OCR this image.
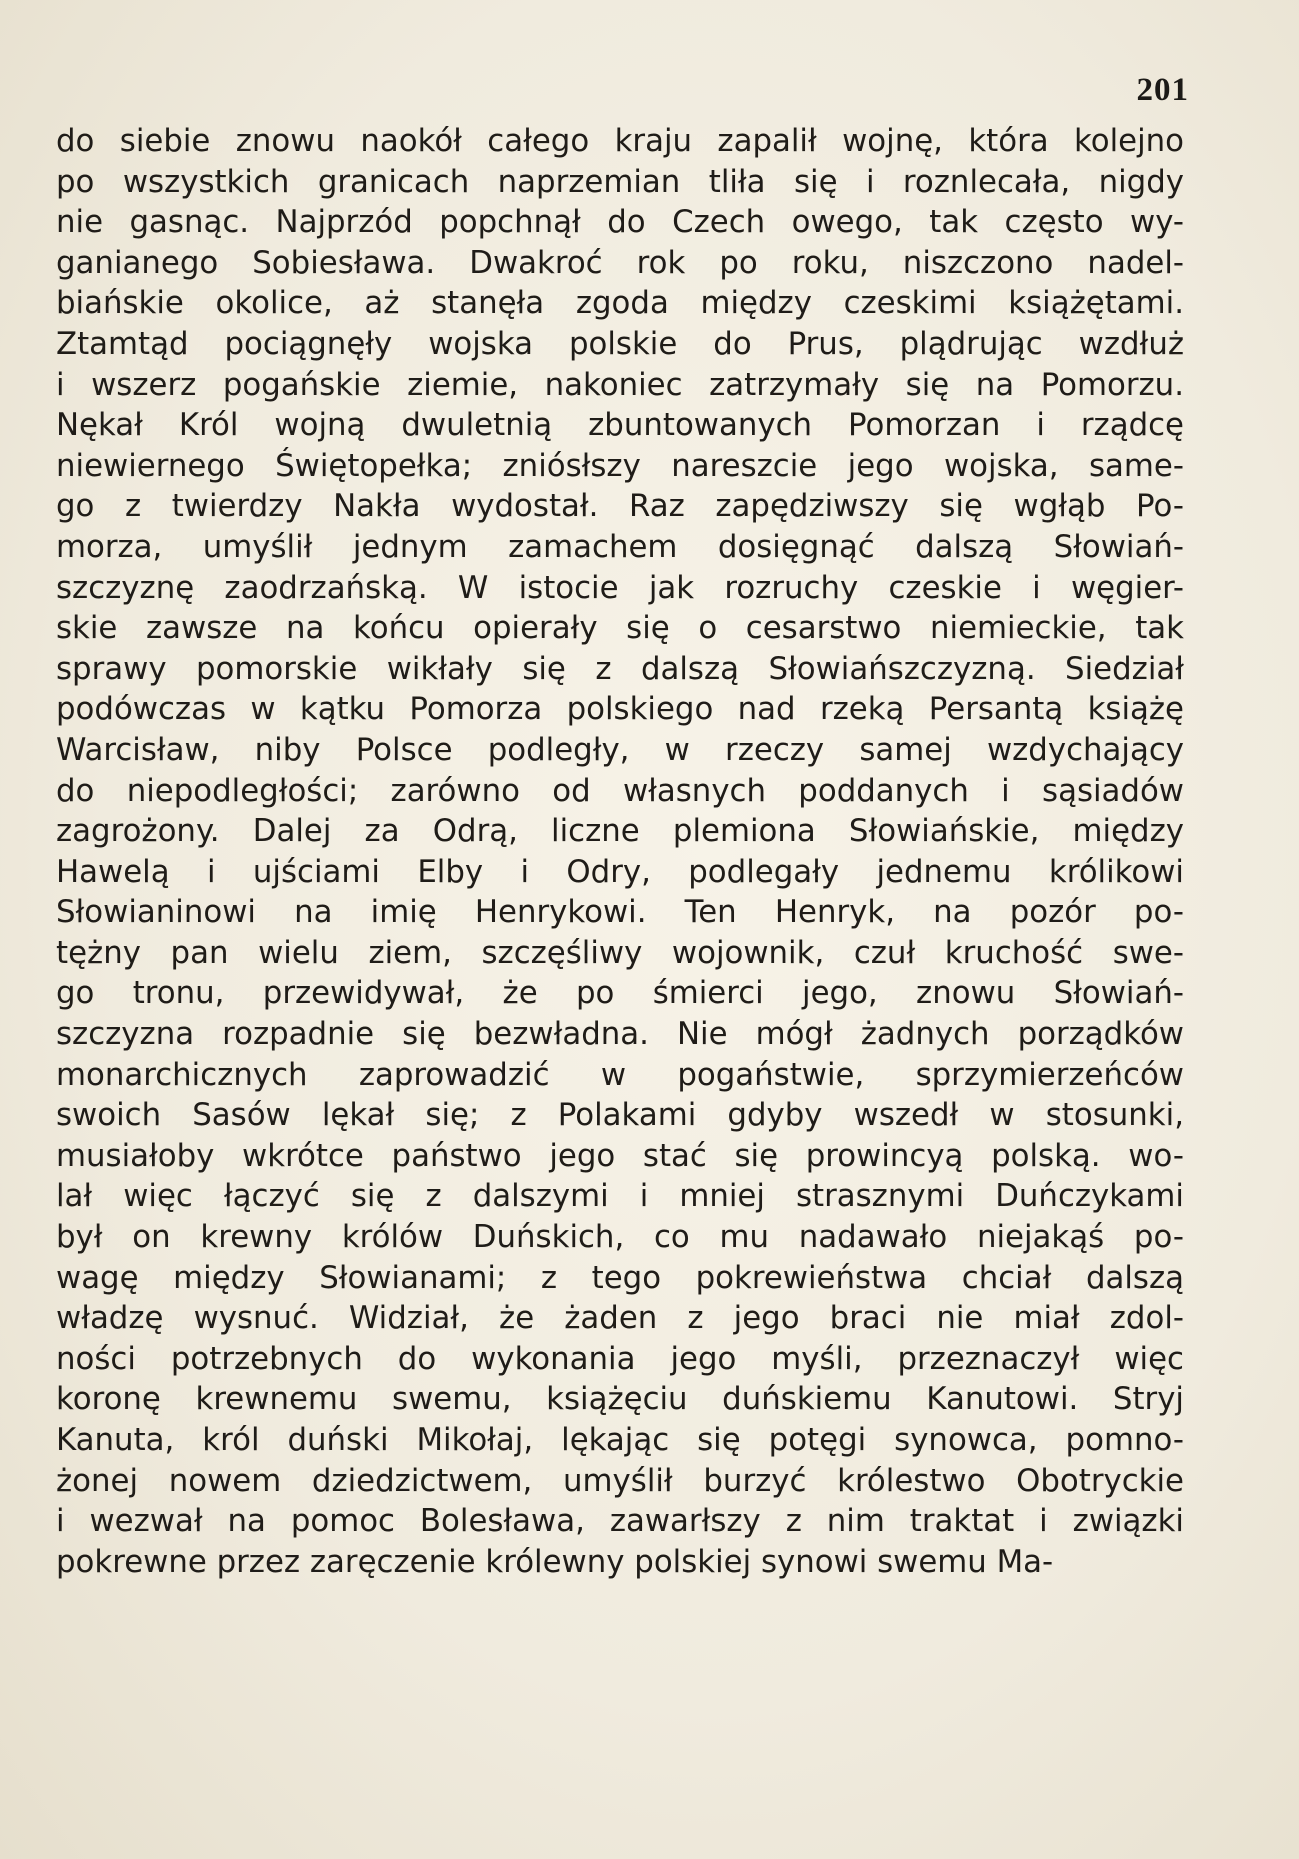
201
do siebie znowu naokół całego kraju zapalił wojnę, która kolejno
po wszystkich granicach naprzemian tliła się i roznlecała, nigdy
nie gasnąc. Najprzód popchnął do Czech owego, tak często wy-
ganianego Sobiesława. Dwakroć rok po roku, niszczono nadel-
biańskie okolice, aż stanęła zgoda między czeskimi książętami.
Ztamtąd pociągnęły wojska polskie do Prus, plądrując wzdłuż
i wszerz pogańskie ziemie, nakoniec zatrzymały się na Pomorzu.
Nękał Król wojną dwuletnią zbuntowanych Pomorzan i rządcę
niewiernego Świętopełka; zniósłszy nareszcie jego wojska, same-
go z twierdzy Nakła wydostał. Raz zapędziwszy się wgłąb Po-
morza, umyślił jednym zamachem dosięgnąć dalszą Słowiań-
szczyznę zaodrzańską. W istocie jak rozruchy czeskie i węgier-
skie zawsze na końcu opierały się o cesarstwo niemieckie, tak
sprawy pomorskie wikłały się z dalszą Słowiańszczyzną. Siedział
podówczas w kątku Pomorza polskiego nad rzeką Persantą książę
Warcisław, niby Polsce podległy, w rzeczy samej wzdychający
do niepodległości; zarówno od własnych poddanych i sąsiadów
zagrożony. Dalej za Odrą, liczne plemiona Słowiańskie, między
Hawelą i ujściami Elby i Odry, podlegały jednemu królikowi
Słowianinowi na imię Henrykowi. Ten Henryk, na pozór po-
tężny pan wielu ziem, szczęśliwy wojownik, czuł kruchość swe-
go tronu, przewidywał, że po śmierci jego, znowu Słowiań-
szczyzna rozpadnie się bezwładna. Nie mógł żadnych porządków
monarchicznych zaprowadzić w pogaństwie, sprzymierzeńców
swoich Sasów lękał się; z Polakami gdyby wszedł w stosunki,
musiałoby wkrótce państwo jego stać się prowincyą polską. wo-
lał więc łączyć się z dalszymi i mniej strasznymi Duńczykami
był on krewny królów Duńskich, co mu nadawało niejakąś po-
wagę między Słowianami; z tego pokrewieństwa chciał dalszą
władzę wysnuć. Widział, że żaden z jego braci nie miał zdol-
ności potrzebnych do wykonania jego myśli, przeznaczył więc
koronę krewnemu swemu, książęciu duńskiemu Kanutowi. Stryj
Kanuta, król duński Mikołaj, lękając się potęgi synowca, pomno-
żonej nowem dziedzictwem, umyślił burzyć królestwo Obotryckie
i wezwał na pomoc Bolesława, zawarłszy z nim traktat i związki
pokrewne przez zaręczenie królewny polskiej synowi swemu Ma-
